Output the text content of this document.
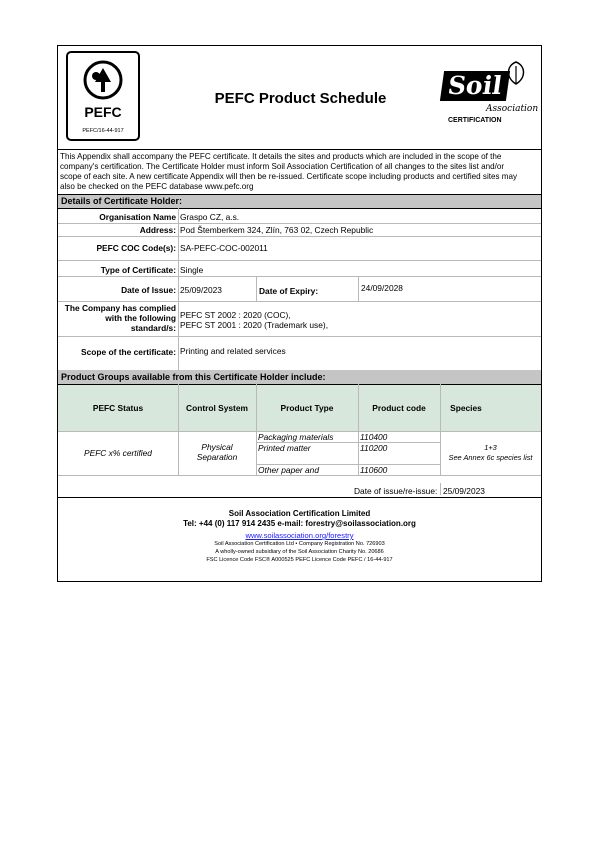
PEFC
PEFC/16-44-917
PEFC Product Schedule	Soil
Association
CERTIFICATION
This Appendix shall accompany the PEFC certificate. It details the sites and products which are included in the scope of the
company's certification. The Certificate Holder must inform Soil Association Certification of all changes to the sites list and/or
scope of each site. A new certificate Appendix will then be re-issued. Certificate scope including products and certified sites may
also be checked on the PEFC database www.pefc.org
Details of Certificate Holder:
Organisation Name Graspo CZ, a.s.
Address: Pod Štemberkem 324, Zlín, 763 02, Czech Republic
PEFC COC Code(s): SA-PEFC-COC-002011
Type of Certificate: Single
Date of Issue: 25/09/2023	Date of Expiry:	24/09/2028
The Company has complied
with the following
standard/s:
PEFC ST 2002 : 2020 (COC),
PEFC ST 2001 : 2020 (Trademark use),
Scope of the certificate: Printing and related services
Product Groups available from this Certificate Holder include:
PEFC Status	Control System	Product Type	Product code	Species
PEFC x% certified
Physical
Separation
Packaging materials	110400
Printed matter	110200
Other paper and	110600
1+3
See Annex 6c species list
Date of issue/re-issue: 25/09/2023
Soil Association Certification Limited
Tel: +44 (0) 117 914 2435 e-mail: forestry@soilassociation.org
www.soilassociation.org/forestry
Soil Association Certification Ltd • Company Registration No. 726903
A wholly-owned subsidiary of the Soil Association Charity No. 20686
FSC Licence Code FSC® A000525 PEFC Licence Code PEFC / 16-44-917
